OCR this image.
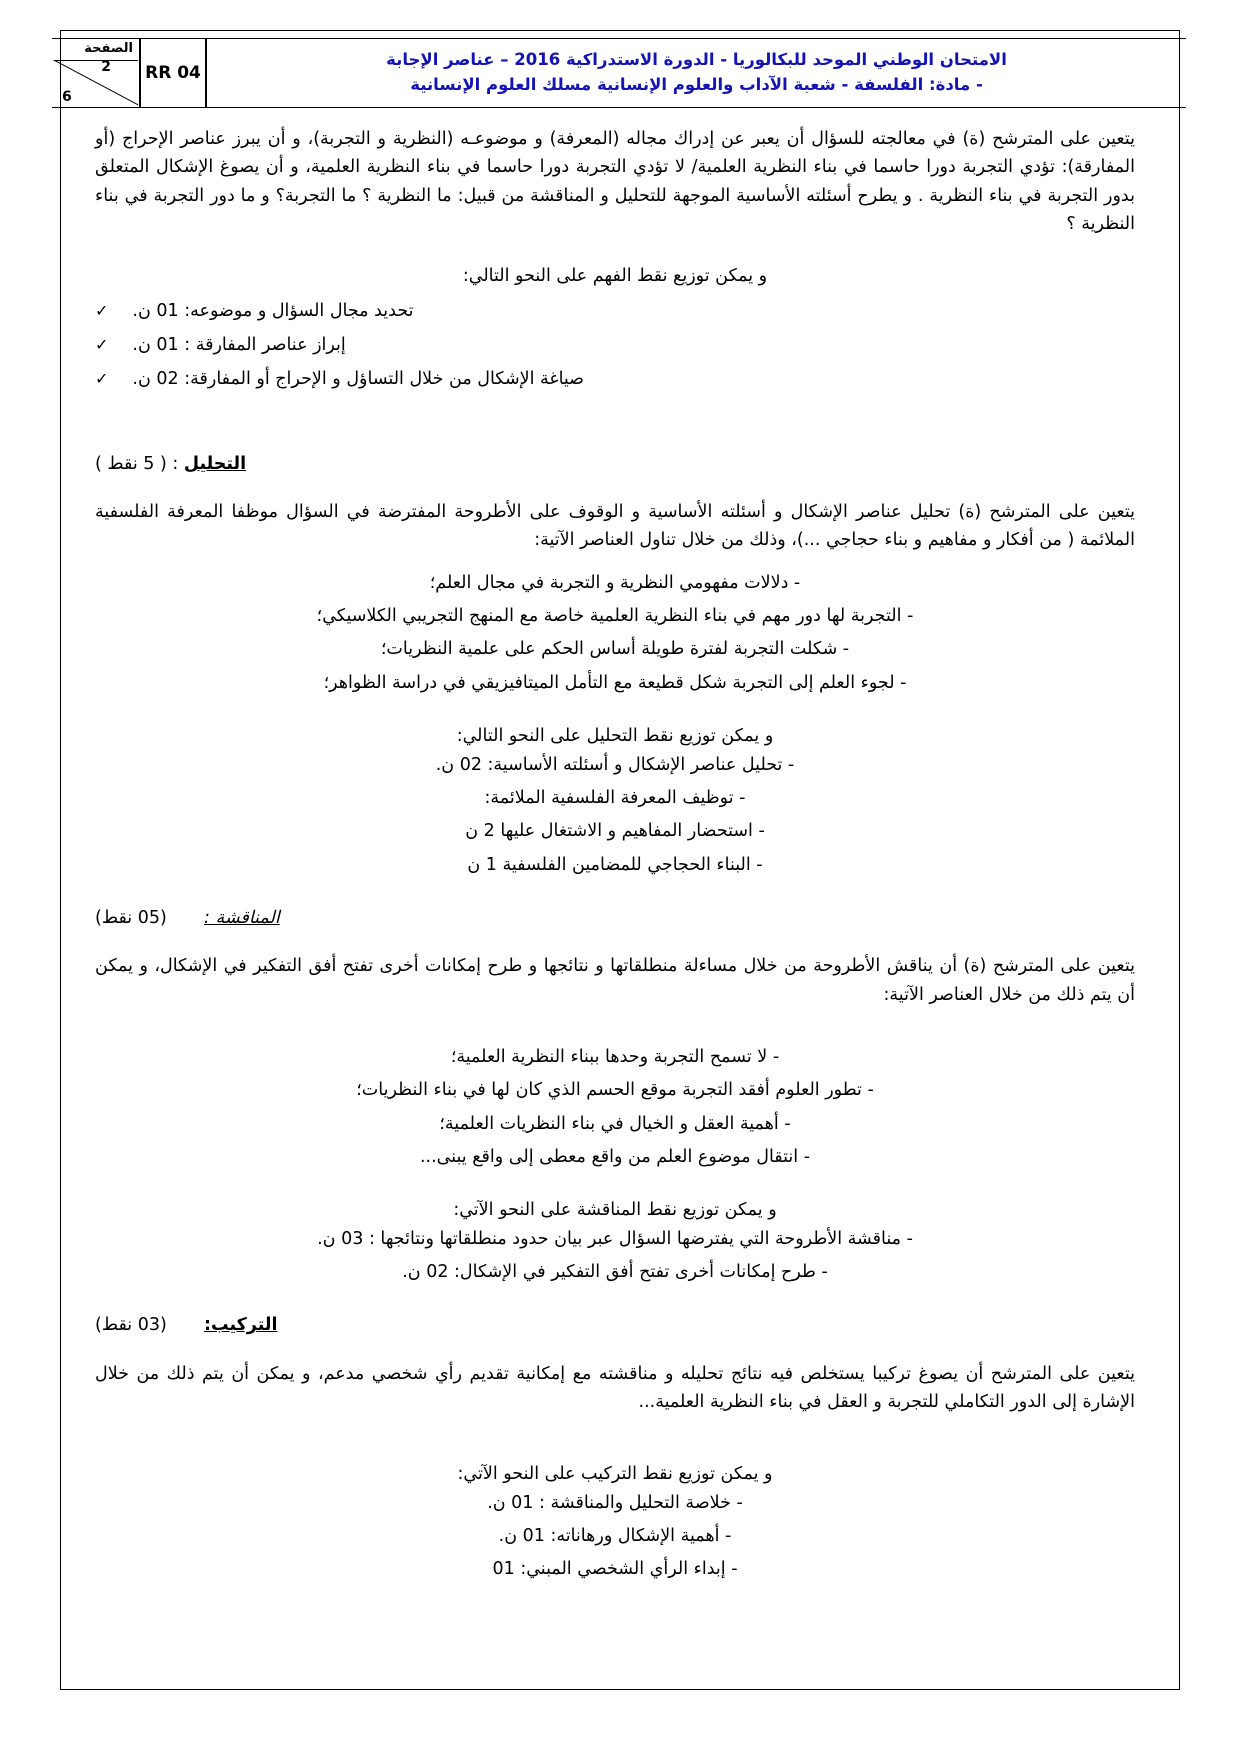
الصفحة
2
6
RR 04
الامتحان الوطني الموحد للبكالوريا - الدورة الاستدراكية 2016 – عناصر الإجابة
- مادة: الفلسفة - شعبة الآداب والعلوم الإنسانية مسلك العلوم الإنسانية

يتعين على المترشح (ة) في معالجته للسؤال أن يعبر عن إدراك مجاله (المعرفة) و موضوعـه (النظرية و التجربة)، و أن يبرز عناصر الإحراج (أو المفارقة): تؤدي التجربة دورا حاسما في بناء النظرية العلمية/ لا تؤدي التجربة دورا حاسما في بناء النظرية العلمية، و أن يصوغ الإشكال المتعلق بدور التجربة في بناء النظرية . و يطرح أسئلته الأساسية الموجهة للتحليل و المناقشة من قبيل: ما النظرية ؟ ما التجربة؟ و ما دور التجربة في بناء النظرية ؟

و يمكن توزيع نقط الفهم على النحو التالي:

تحديد مجال السؤال و موضوعه: 01 ن.
✓
إبراز عناصر المفارقة : 01 ن.
✓
صياغة الإشكال من خلال التساؤل و الإحراج أو المفارقة: 02 ن.
✓

التحليل : ( 5 نقط )

يتعين على المترشح (ة) تحليل عناصر الإشكال و أسئلته الأساسية و الوقوف على الأطروحة المفترضة في السؤال موظفا المعرفة الفلسفية الملائمة ( من أفكار و مفاهيم و بناء حجاجي ...)، وذلك من خلال تناول العناصر الآتية:

- دلالات مفهومي النظرية و التجربة في مجال العلم؛
- التجربة لها دور مهم في بناء النظرية العلمية خاصة مع المنهج التجريبي الكلاسيكي؛
- شكلت التجربة لفترة طويلة أساس الحكم على علمية النظريات؛
- لجوء العلم إلى التجربة شكل قطيعة مع التأمل الميتافيزيقي في دراسة الظواهر؛

و يمكن توزيع نقط التحليل على النحو التالي:

- تحليل عناصر الإشكال و أسئلته الأساسية: 02 ن.
- توظيف المعرفة الفلسفية الملائمة:
- استحضار المفاهيم و الاشتغال عليها 2 ن
- البناء الحجاجي للمضامين الفلسفية 1 ن

المناقشة :  (05 نقط)

يتعين على المترشح (ة) أن يناقش الأطروحة من خلال مساءلة منطلقاتها و نتائجها و طرح إمكانات أخرى تفتح أفق التفكير في الإشكال، و يمكن أن يتم ذلك من خلال العناصر الآتية:

- لا تسمح التجربة وحدها ببناء النظرية العلمية؛
- تطور العلوم أفقد التجربة موقع الحسم الذي كان لها في بناء النظريات؛
- أهمية العقل و الخيال في بناء النظريات العلمية؛
- انتقال موضوع العلم من واقع معطى إلى واقع يبنى...

و يمكن توزيع نقط المناقشة على النحو الآتي:

- مناقشة الأطروحة التي يفترضها السؤال عبر بيان حدود منطلقاتها ونتائجها : 03 ن.
- طرح إمكانات أخرى تفتح أفق التفكير في الإشكال: 02 ن.

التركيب:  (03 نقط)

يتعين على المترشح أن يصوغ تركيبا يستخلص فيه نتائج تحليله و مناقشته مع إمكانية تقديم رأي شخصي مدعم، و يمكن أن يتم ذلك من خلال الإشارة إلى الدور التكاملي للتجربة و العقل في بناء النظرية العلمية...

و يمكن توزيع نقط التركيب على النحو الآتي:

- خلاصة التحليل والمناقشة : 01 ن.
- أهمية الإشكال ورهاناته: 01 ن.
- إبداء الرأي الشخصي المبني: 01
